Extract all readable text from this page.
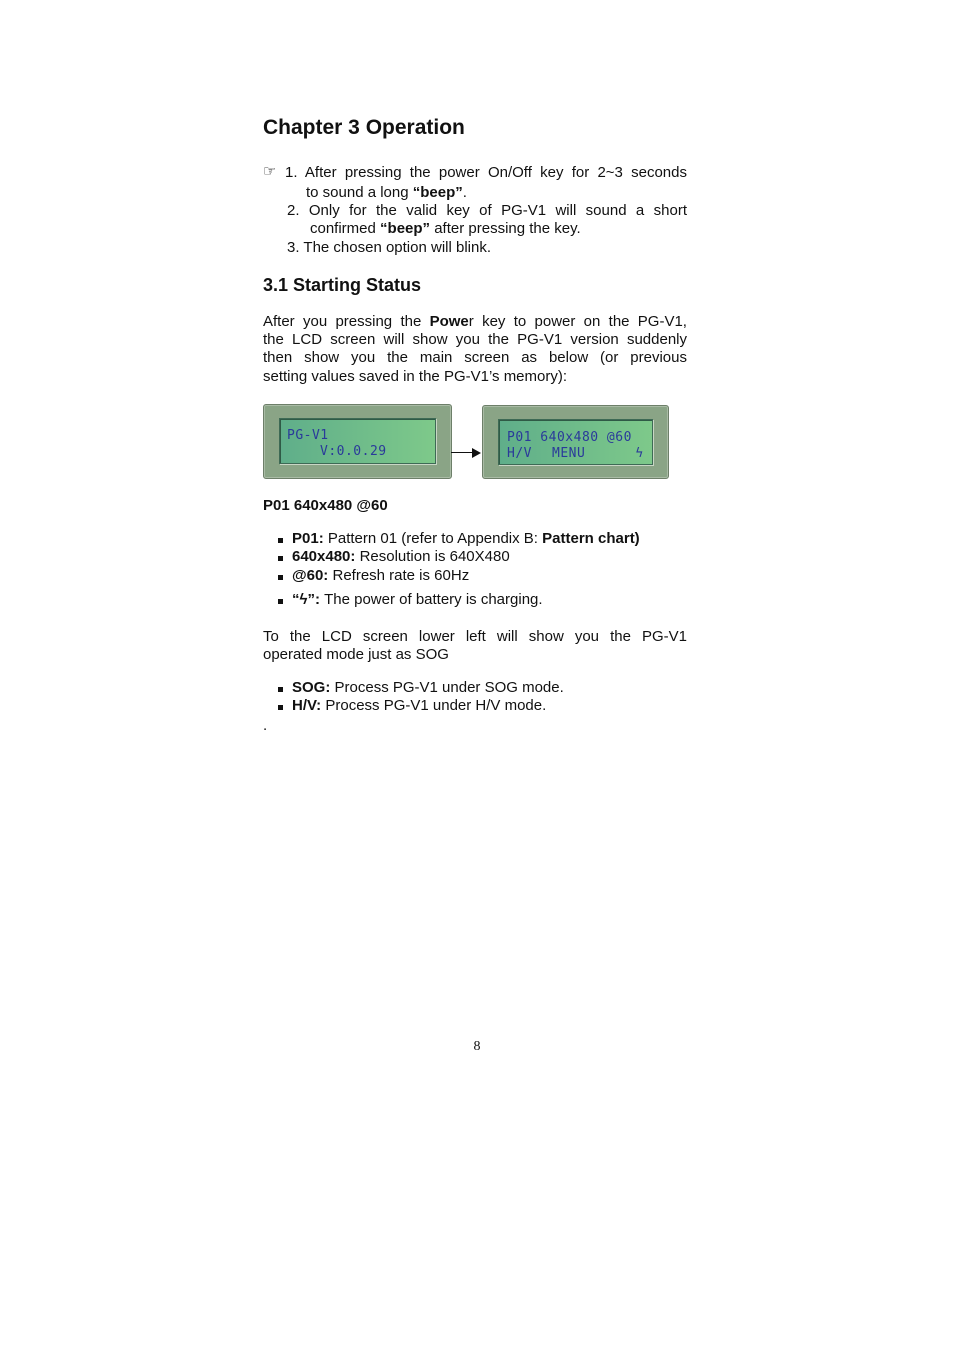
Chapter 3 Operation
☞ 1. After pressing the power On/Off key for 2~3 seconds
to sound a long “beep”.
2. Only for the valid key of PG-V1 will sound a short
confirmed “beep” after pressing the key.
3. The chosen option will blink.
3.1 Starting Status
After you pressing the Power key to power on the PG-V1,
the LCD screen will show you the PG-V1 version suddenly
then show you the main screen as below (or previous
setting values saved in the PG-V1’s memory):
PG-V1
V:0.0.29
P01 640x480 @60
H/V MENU	ϟ
P01 640x480 @60
P01: Pattern 01 (refer to Appendix B: Pattern chart)
640x480: Resolution is 640X480
@60: Refresh rate is 60Hz
“ϟ”: The power of battery is charging.
To the LCD screen lower left will show you the PG-V1
operated mode just as SOG
SOG: Process PG-V1 under SOG mode.
H/V: Process PG-V1 under H/V mode.
.
8
